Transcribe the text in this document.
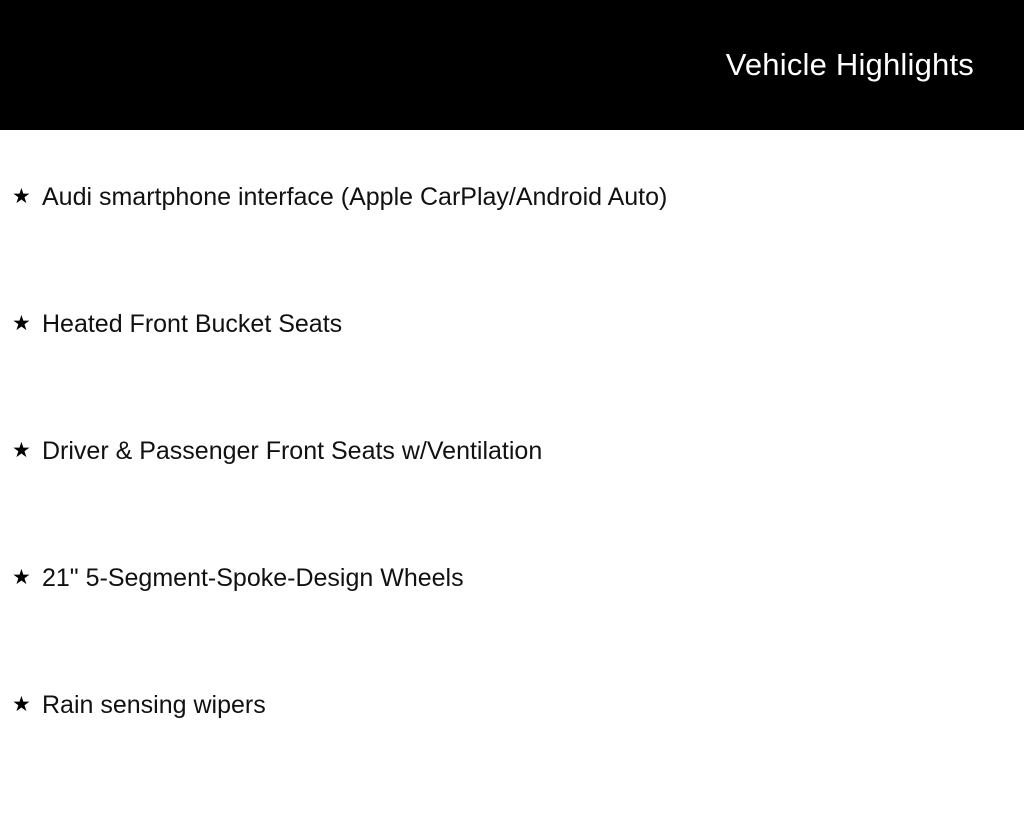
Vehicle Highlights
★ Audi smartphone interface (Apple CarPlay/Android Auto)
★ Heated Front Bucket Seats
★ Driver & Passenger Front Seats w/Ventilation
★ 21" 5-Segment-Spoke-Design Wheels
★ Rain sensing wipers
